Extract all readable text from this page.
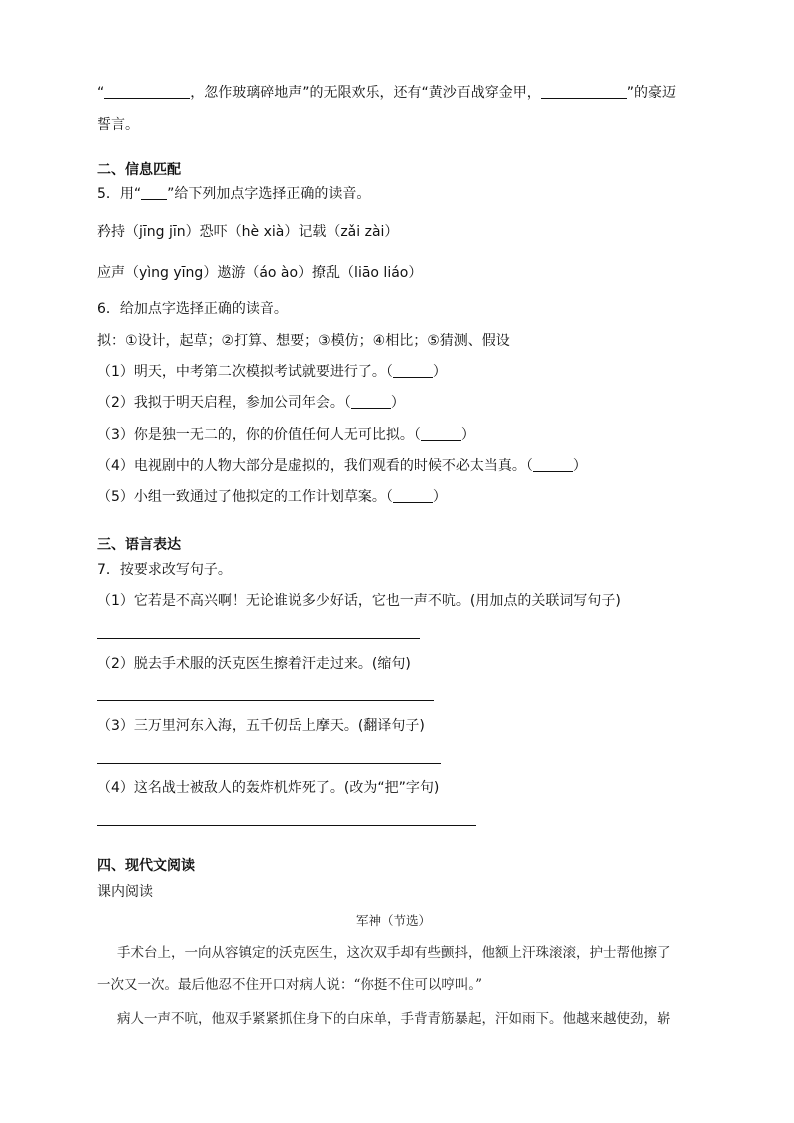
“	，忽作玻璃碎地声”的无限欢乐，还有“黄沙百战穿金甲，	”的豪迈
誓言。
二、信息匹配
5．用“ ”给下列加点字选择正确的读音。
矜持（jīng jīn）恐吓（hè xià）记载（zǎi zài）
应声（yìng yīng）遨游（áo ào）撩乱（liāo liáo）
6．给加点字选择正确的读音。
拟：①设计，起草；②打算、想要；③模仿；④相比；⑤猜测、假设
（1）明天，中考第二次模拟考试就要进行了。（	）
（2）我拟于明天启程，参加公司年会。（	）
（3）你是独一无二的，你的价值任何人无可比拟。（	）
（4）电视剧中的人物大部分是虚拟的，我们观看的时候不必太当真。（	）
（5）小组一致通过了他拟定的工作计划草案。（	）
三、语言表达
7．按要求改写句子。
（1）它若是不高兴啊！无论谁说多少好话，它也一声不吭。(用加点的关联词写句子)
（2）脱去手术服的沃克医生擦着汗走过来。(缩句)
（3）三万里河东入海，五千仞岳上摩天。(翻译句子)
（4）这名战士被敌人的轰炸机炸死了。(改为“把”字句)
四、现代文阅读
课内阅读
军神（节选）
手术台上，一向从容镇定的沃克医生，这次双手却有些颤抖，他额上汗珠滚滚，护士帮他擦了
一次又一次。最后他忍不住开口对病人说：“你挺不住可以哼叫。”
病人一声不吭，他双手紧紧抓住身下的白床单，手背青筋暴起，汗如雨下。他越来越使劲，崭
